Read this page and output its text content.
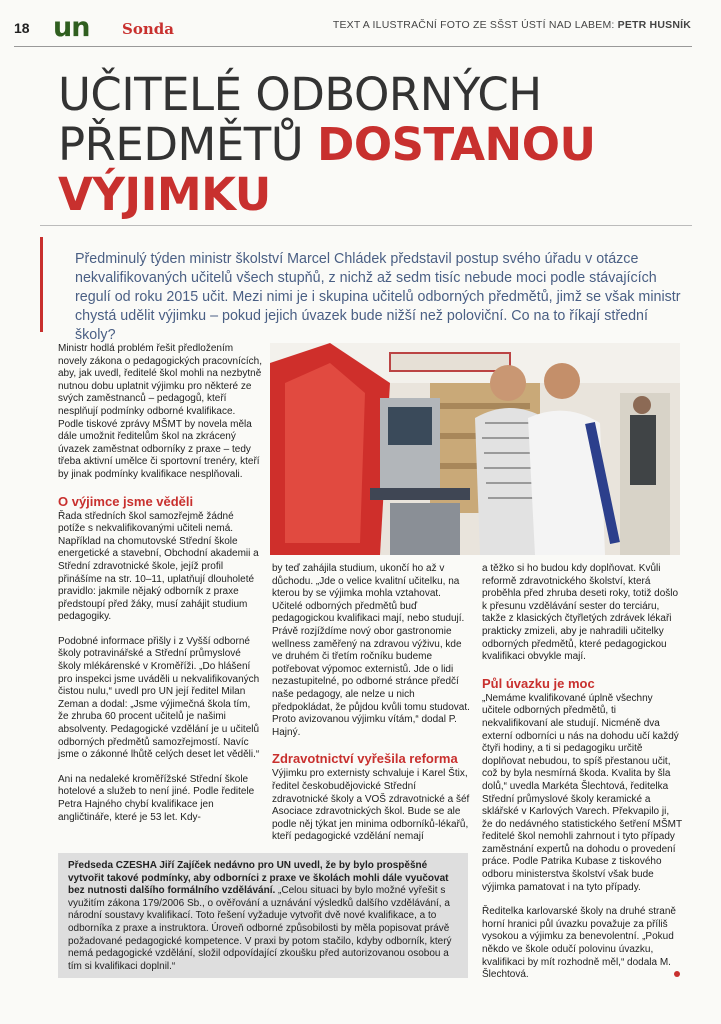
18 un Sonda	TEXT A ILUSTRAČNÍ FOTO ZE SŠST ÚSTÍ NAD LABEM: PETR HUSNÍK
UČITELÉ ODBORNÝCH
PŘEDMĚTŮ DOSTANOU
VÝJIMKU
Předminulý týden ministr školství Marcel Chládek představil postup svého úřadu v otázce nekvalifikovaných učitelů všech stupňů, z nichž až sedm tisíc nebude moci podle stávajících regulí od roku 2015 učit. Mezi nimi je i skupina učitelů odborných předmětů, jimž se však ministr chystá udělit výjimku – pokud jejich úvazek bude nižší než poloviční. Co na to říkají střední školy?

Ministr hodlá problém řešit předložením novely zákona o pedagogických pracovnících, aby, jak uvedl, ředitelé škol mohli na nezbytně nutnou dobu uplatnit výjimku pro některé ze svých zaměstnanců – pedagogů, kteří nesplňují podmínky odborné kvalifikace. Podle tiskové zprávy MŠMT by novela měla dále umožnit ředitelům škol na zkrácený úvazek zaměstnat odborníky z praxe – tedy třeba aktivní umělce či sportovní trenéry, kteří by jinak podmínky kvalifikace nesplňovali.

O výjimce jsme věděli

Řada středních škol samozřejmě žádné potíže s nekvalifikovanými učiteli nemá. Například na chomutovské Střední škole energetické a stavební, Obchodní akademii a Střední zdravotnické škole, jejíž profil přinášíme na str. 10–11, uplatňují dlouholeté pravidlo: jakmile nějaký odborník z praxe předstoupí před žáky, musí zahájit studium pedagogiky.

Podobné informace přišly i z Vyšší odborné školy potravinářské a Střední průmyslové školy mlékárenské v Kroměříži. „Do hlášení pro inspekci jsme uváděli u nekvalifikovaných čistou nulu,“ uvedl pro UN její ředitel Milan Zeman a dodal: „Jsme výjimečná škola tím, že zhruba 60 procent učitelů je našimi absolventy. Pedagogické vzdělání je u učitelů odborných předmětů samozřejmostí. Navíc jsme o zákonné lhůtě celých deset let věděli.“

Ani na nedaleké kroměřížské Střední škole hotelové a služeb to není jiné. Podle ředitele Petra Hajného chybí kvalifikace jen angličtináře, které je 53 let. Kdy-

by teď zahájila studium, ukončí ho až v důchodu. „Jde o velice kvalitní učitelku, na kterou by se výjimka mohla vztahovat. Učitelé odborných předmětů buď pedagogickou kvalifikaci mají, nebo studují. Právě rozjíždíme nový obor gastronomie wellness zaměřený na zdravou výživu, kde ve druhém či třetím ročníku budeme potřebovat výpomoc externistů. Jde o lidi nezastupitelné, po odborné stránce předčí naše pedagogy, ale nelze u nich předpokládat, že půjdou kvůli tomu studovat. Proto avizovanou výjimku vítám,“ dodal P. Hajný.

Zdravotnictví vyřešila reforma

Výjimku pro externisty schvaluje i Karel Štix, ředitel českobudějovické Střední zdravotnické školy a VOŠ zdravotnické a šéf Asociace zdravotnických škol. Bude se ale podle něj týkat jen minima odborníků-lékařů, kteří pedagogické vzdělání nemají

a těžko si ho budou kdy doplňovat. Kvůli reformě zdravotnického školství, která proběhla před zhruba deseti roky, totiž došlo k přesunu vzdělávání sester do terciáru, takže z klasických čtyřletých zdrávek lékaři prakticky zmizeli, aby je nahradili učitelky odborných předmětů, které pedagogickou kvalifikaci obvykle mají.

Půl úvazku je moc

„Nemáme kvalifikované úplně všechny učitele odborných předmětů, ti nekvalifikovaní ale studují. Nicméně dva externí odborníci u nás na dohodu učí každý čtyři hodiny, a ti si pedagogiku určitě doplňovat nebudou, to spíš přestanou učit, což by byla nesmírná škoda. Kvalita by šla dolů,“ uvedla Markéta Šlechtová, ředitelka Střední průmyslové školy keramické a sklářské v Karlových Varech. Překvapilo ji, že do nedávného statistického šetření MŠMT ředitelé škol nemohli zahrnout i tyto případy zaměstnání expertů na dohodu o provedení práce. Podle Patrika Kubase z tiskového odboru ministerstva školství však bude výjimka pamatovat i na tyto případy.

Ředitelka karlovarské školy na druhé straně horní hranici půl úvazku považuje za příliš vysokou a výjimku za benevolentní. „Pokud někdo ve škole odučí polovinu úvazku, kvalifikaci by mít rozhodně měl,“ dodala M. Šlechtová.

Předseda CZESHA Jiří Zajíček nedávno pro UN uvedl, že by bylo prospěšné vytvořit takové podmínky, aby odborníci z praxe ve školách mohli dále vyučovat bez nutnosti dalšího formálního vzdělávání. „Celou situaci by bylo možné vyřešit s využitím zákona 179/2006 Sb., o ověřování a uznávání výsledků dalšího vzdělávání, a národní soustavy kvalifikací. Toto řešení vyžaduje vytvořit dvě nové kvalifikace, a to odborníka z praxe a instruktora. Úroveň odborné způsobilosti by měla popisovat právě požadované pedagogické kompetence. V praxi by potom stačilo, kdyby odborník, který nemá pedagogické vzdělání, složil odpovídající zkoušku před autorizovanou osobou a tím si kvalifikaci doplnil.“
